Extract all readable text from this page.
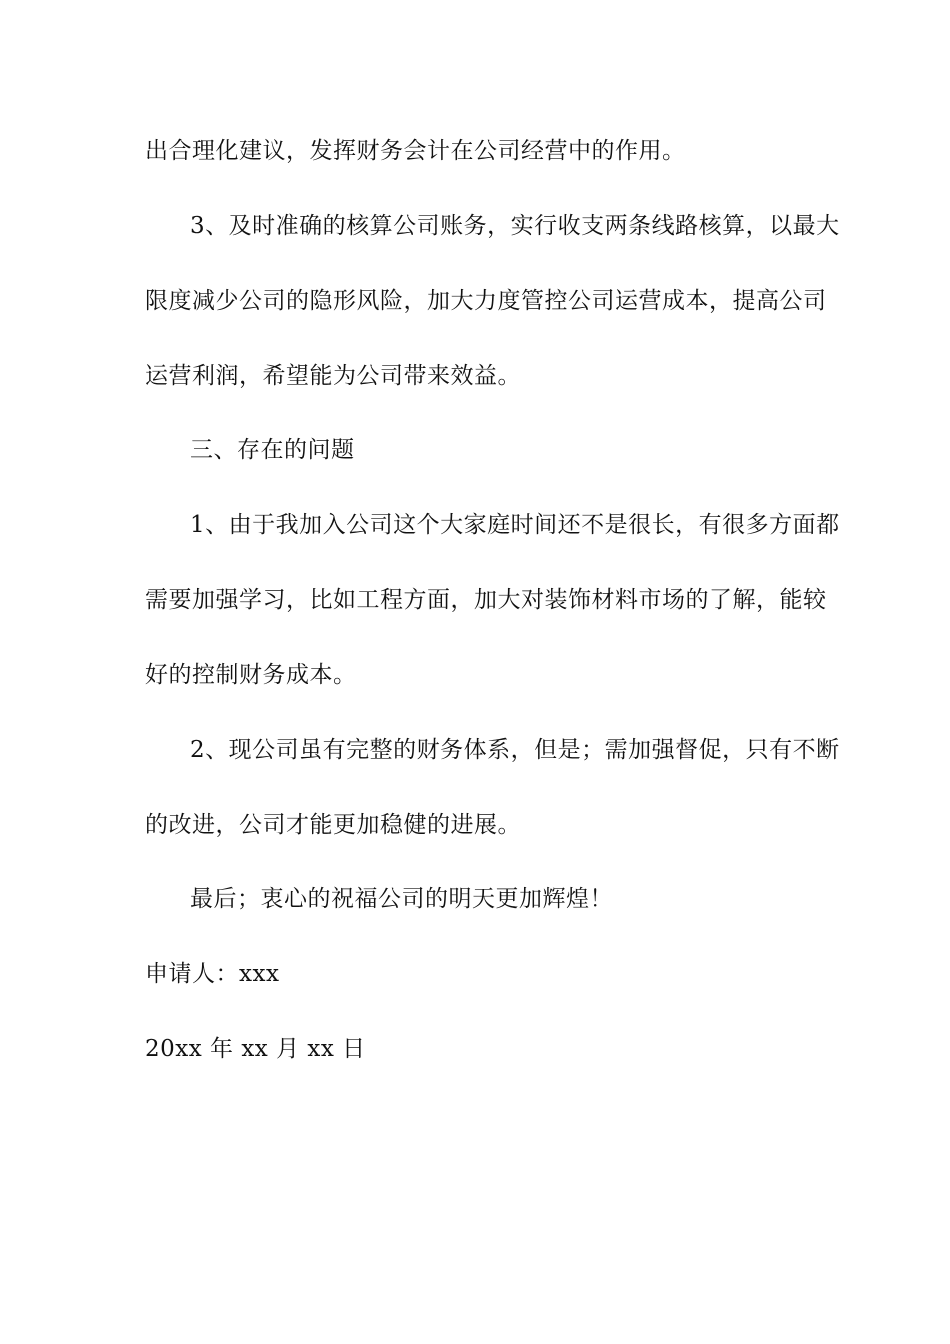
出合理化建议，发挥财务会计在公司经营中的作用。
3、及时准确的核算公司账务，实行收支两条线路核算，以最大
限度减少公司的隐形风险，加大力度管控公司运营成本，提高公司
运营利润，希望能为公司带来效益。
三、存在的问题
1、由于我加入公司这个大家庭时间还不是很长，有很多方面都
需要加强学习，比如工程方面，加大对装饰材料市场的了解，能较
好的控制财务成本。
2、现公司虽有完整的财务体系，但是；需加强督促，只有不断
的改进，公司才能更加稳健的进展。
最后；衷心的祝福公司的明天更加辉煌！
申请人：xxx
20xx 年 xx 月 xx 日
